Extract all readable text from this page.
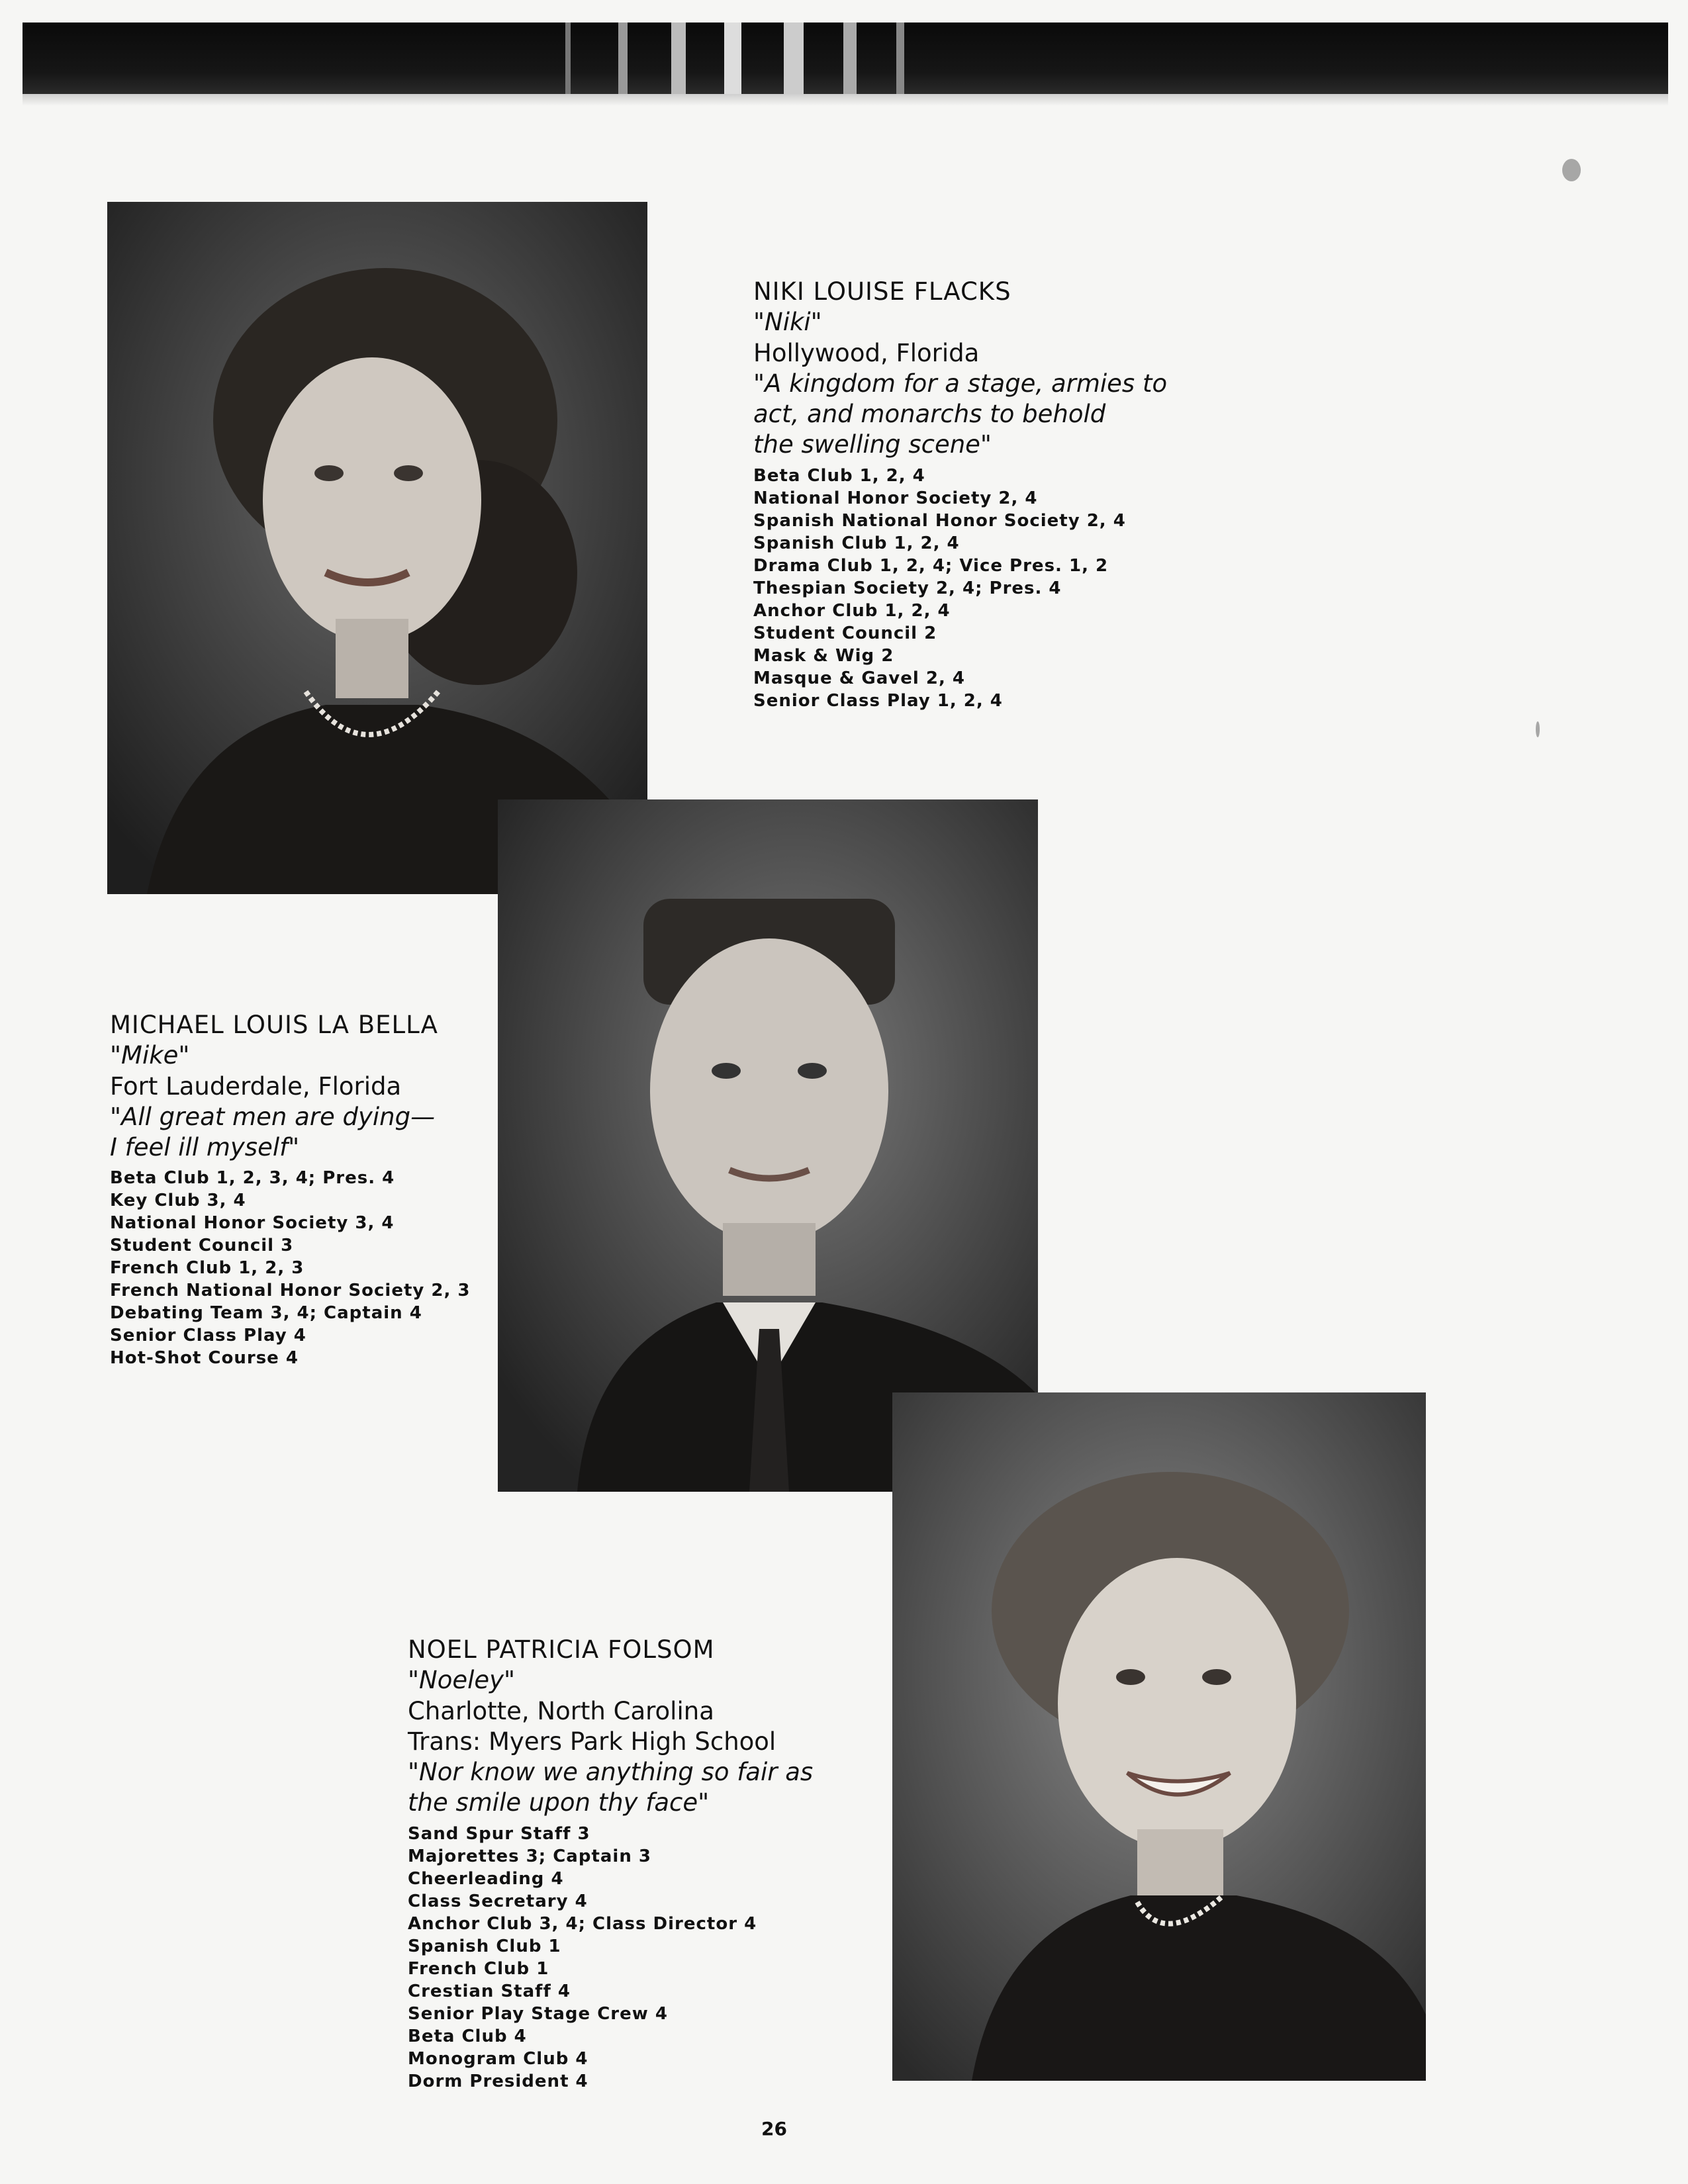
NIKI LOUISE FLACKS

"Niki"

Hollywood, Florida

"A kingdom for a stage, armies to

act, and monarchs to behold

the swelling scene"

Beta Club 1, 2, 4
National Honor Society 2, 4
Spanish National Honor Society 2, 4
Spanish Club 1, 2, 4
Drama Club 1, 2, 4; Vice Pres. 1, 2
Thespian Society 2, 4; Pres. 4
Anchor Club 1, 2, 4
Student Council 2
Mask & Wig 2
Masque & Gavel 2, 4
Senior Class Play 1, 2, 4

MICHAEL LOUIS LA BELLA

"Mike"

Fort Lauderdale, Florida

"All great men are dying—

I feel ill myself"

Beta Club 1, 2, 3, 4; Pres. 4
Key Club 3, 4
National Honor Society 3, 4
Student Council 3
French Club 1, 2, 3
French National Honor Society 2, 3
Debating Team 3, 4; Captain 4
Senior Class Play 4
Hot-Shot Course 4

NOEL PATRICIA FOLSOM

"Noeley"

Charlotte, North Carolina

Trans: Myers Park High School

"Nor know we anything so fair as

the smile upon thy face"

Sand Spur Staff 3
Majorettes 3; Captain 3
Cheerleading 4
Class Secretary 4
Anchor Club 3, 4; Class Director 4
Spanish Club 1
French Club 1
Crestian Staff 4
Senior Play Stage Crew 4
Beta Club 4
Monogram Club 4
Dorm President 4
26
